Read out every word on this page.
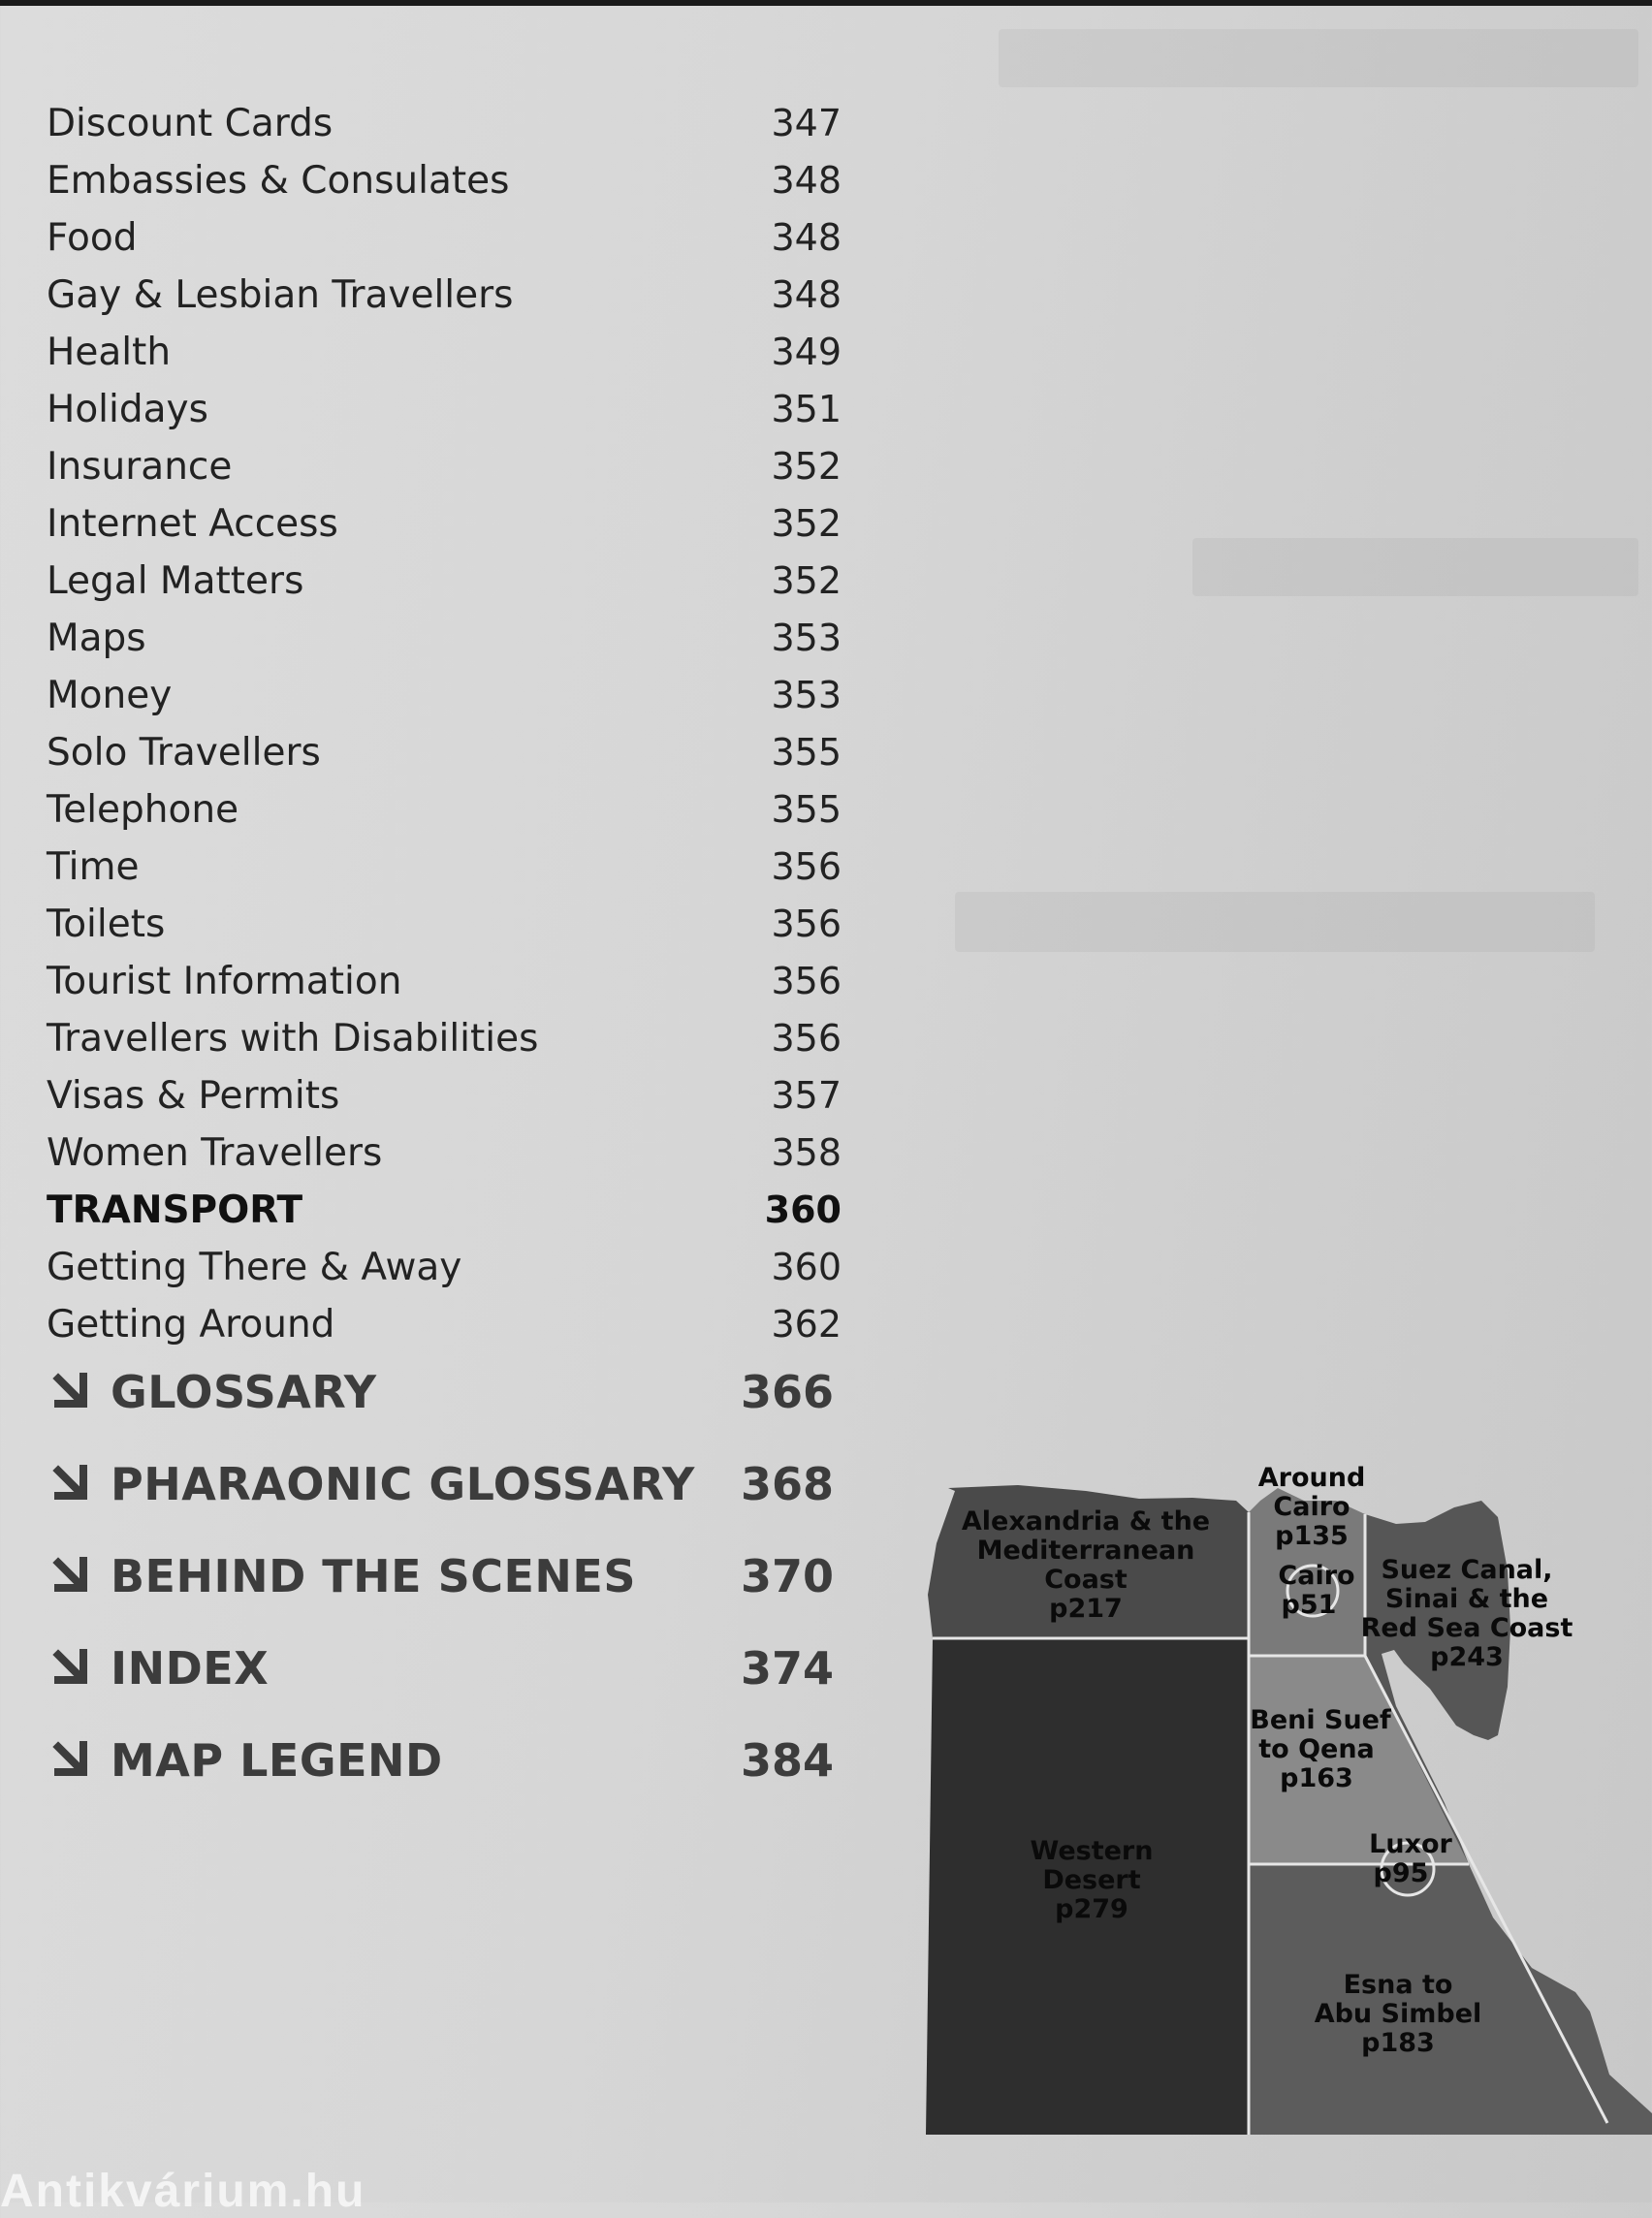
Discount Cards	347
Embassies & Consulates	348
Food	348
Gay & Lesbian Travellers	348
Health	349
Holidays	351
Insurance	352
Internet Access	352
Legal Matters	352
Maps	353
Money	353
Solo Travellers	355
Telephone	355
Time	356
Toilets	356
Tourist Information	356
Travellers with Disabilities	356
Visas & Permits	357
Women Travellers	358
TRANSPORT	360
Getting There & Away	360
Getting Around	362
GLOSSARY	366
PHARAONIC GLOSSARY 368
BEHIND THE SCENES 370
INDEX	374
MAP LEGEND	384
Alexandria & the
Mediterranean
Coast
p217
Around
Cairo
p135
Cairo
p51
Suez Canal,
Sinai & the
Red Sea Coast
p243
Beni Suef
to Qena
p163
Luxor
p95
Western
Desert
p279
Esna to
Abu Simbel
p183
Antikvárium.hu
